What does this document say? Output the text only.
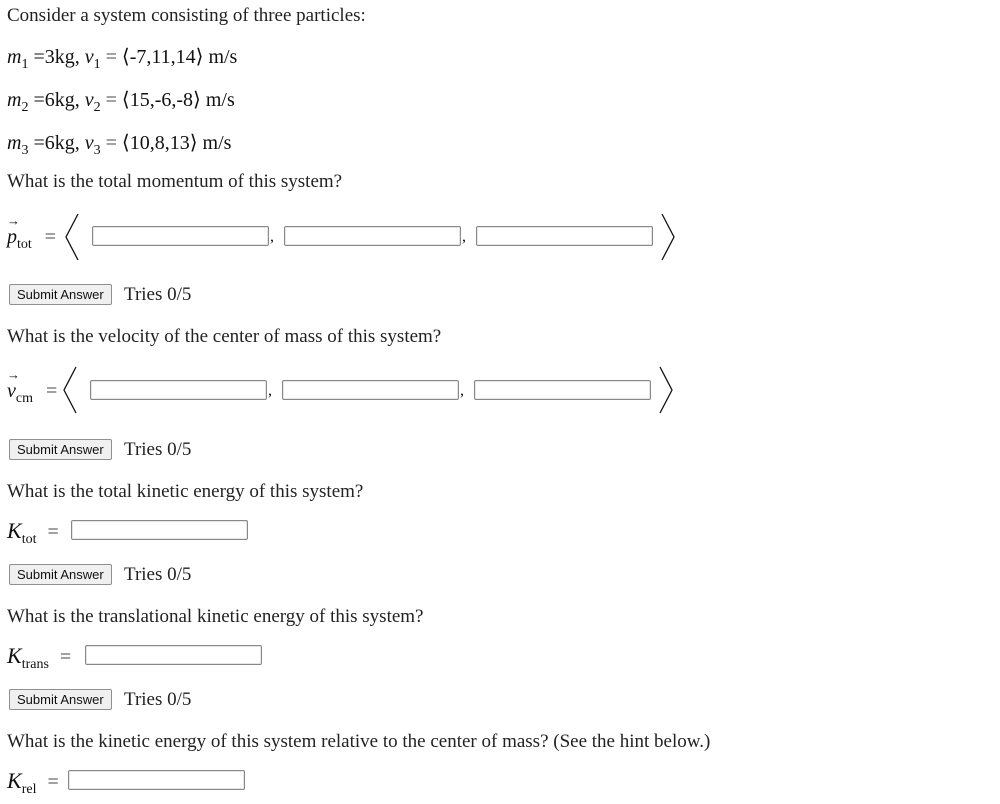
Consider a system consisting of three particles:
$m_1 =3kg$, $v_1$ = ⟨-7,11,14⟩ m/s
$m_2 =6kg$, $v_2$ = ⟨15,-6,-8⟩ m/s
$m_3 =6kg$, $v_3$ = ⟨10,8,13⟩ m/s
What is the total momentum of this system?
→ $p_{tot}$ =	,	,
Submit Answer	Tries 0/5
What is the velocity of the center of mass of this system?
→ $v_{cm}$ =	,	,
Submit Answer	Tries 0/5
What is the total kinetic energy of this system?
$K_{tot}$ =
Submit Answer	Tries 0/5
What is the translational kinetic energy of this system?
$K_{trans}$ =
Submit Answer	Tries 0/5
What is the kinetic energy of this system relative to the center of mass? (See the hint below.)
$K_{rel}$ =
